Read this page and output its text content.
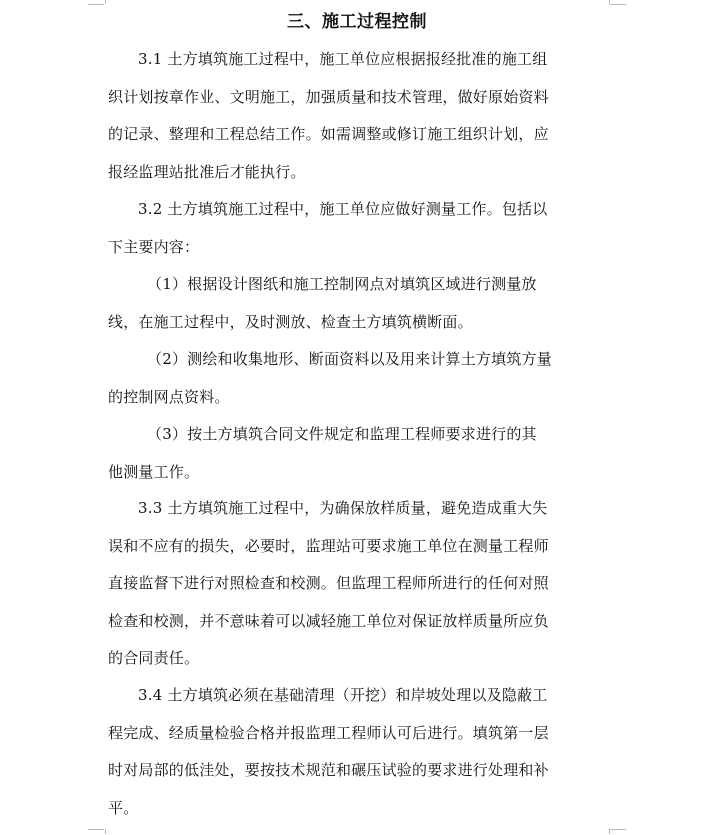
三、施工过程控制

3.1 土方填筑施工过程中，施工单位应根据报经批准的施工组
织计划按章作业、文明施工，加强质量和技术管理，做好原始资料
的记录、整理和工程总结工作。如需调整或修订施工组织计划，应
报经监理站批准后才能执行。

3.2 土方填筑施工过程中，施工单位应做好测量工作。包括以
下主要内容：

（1）根据设计图纸和施工控制网点对填筑区域进行测量放
线，在施工过程中，及时测放、检查土方填筑横断面。

（2）测绘和收集地形、断面资料以及用来计算土方填筑方量
的控制网点资料。

（3）按土方填筑合同文件规定和监理工程师要求进行的其
他测量工作。

3.3 土方填筑施工过程中，为确保放样质量，避免造成重大失
误和不应有的损失，必要时，监理站可要求施工单位在测量工程师
直接监督下进行对照检查和校测。但监理工程师所进行的任何对照
检查和校测，并不意味着可以减轻施工单位对保证放样质量所应负
的合同责任。

3.4 土方填筑必须在基础清理（开挖）和岸坡处理以及隐蔽工
程完成、经质量检验合格并报监理工程师认可后进行。填筑第一层
时对局部的低洼处，要按技术规范和碾压试验的要求进行处理和补
平。
